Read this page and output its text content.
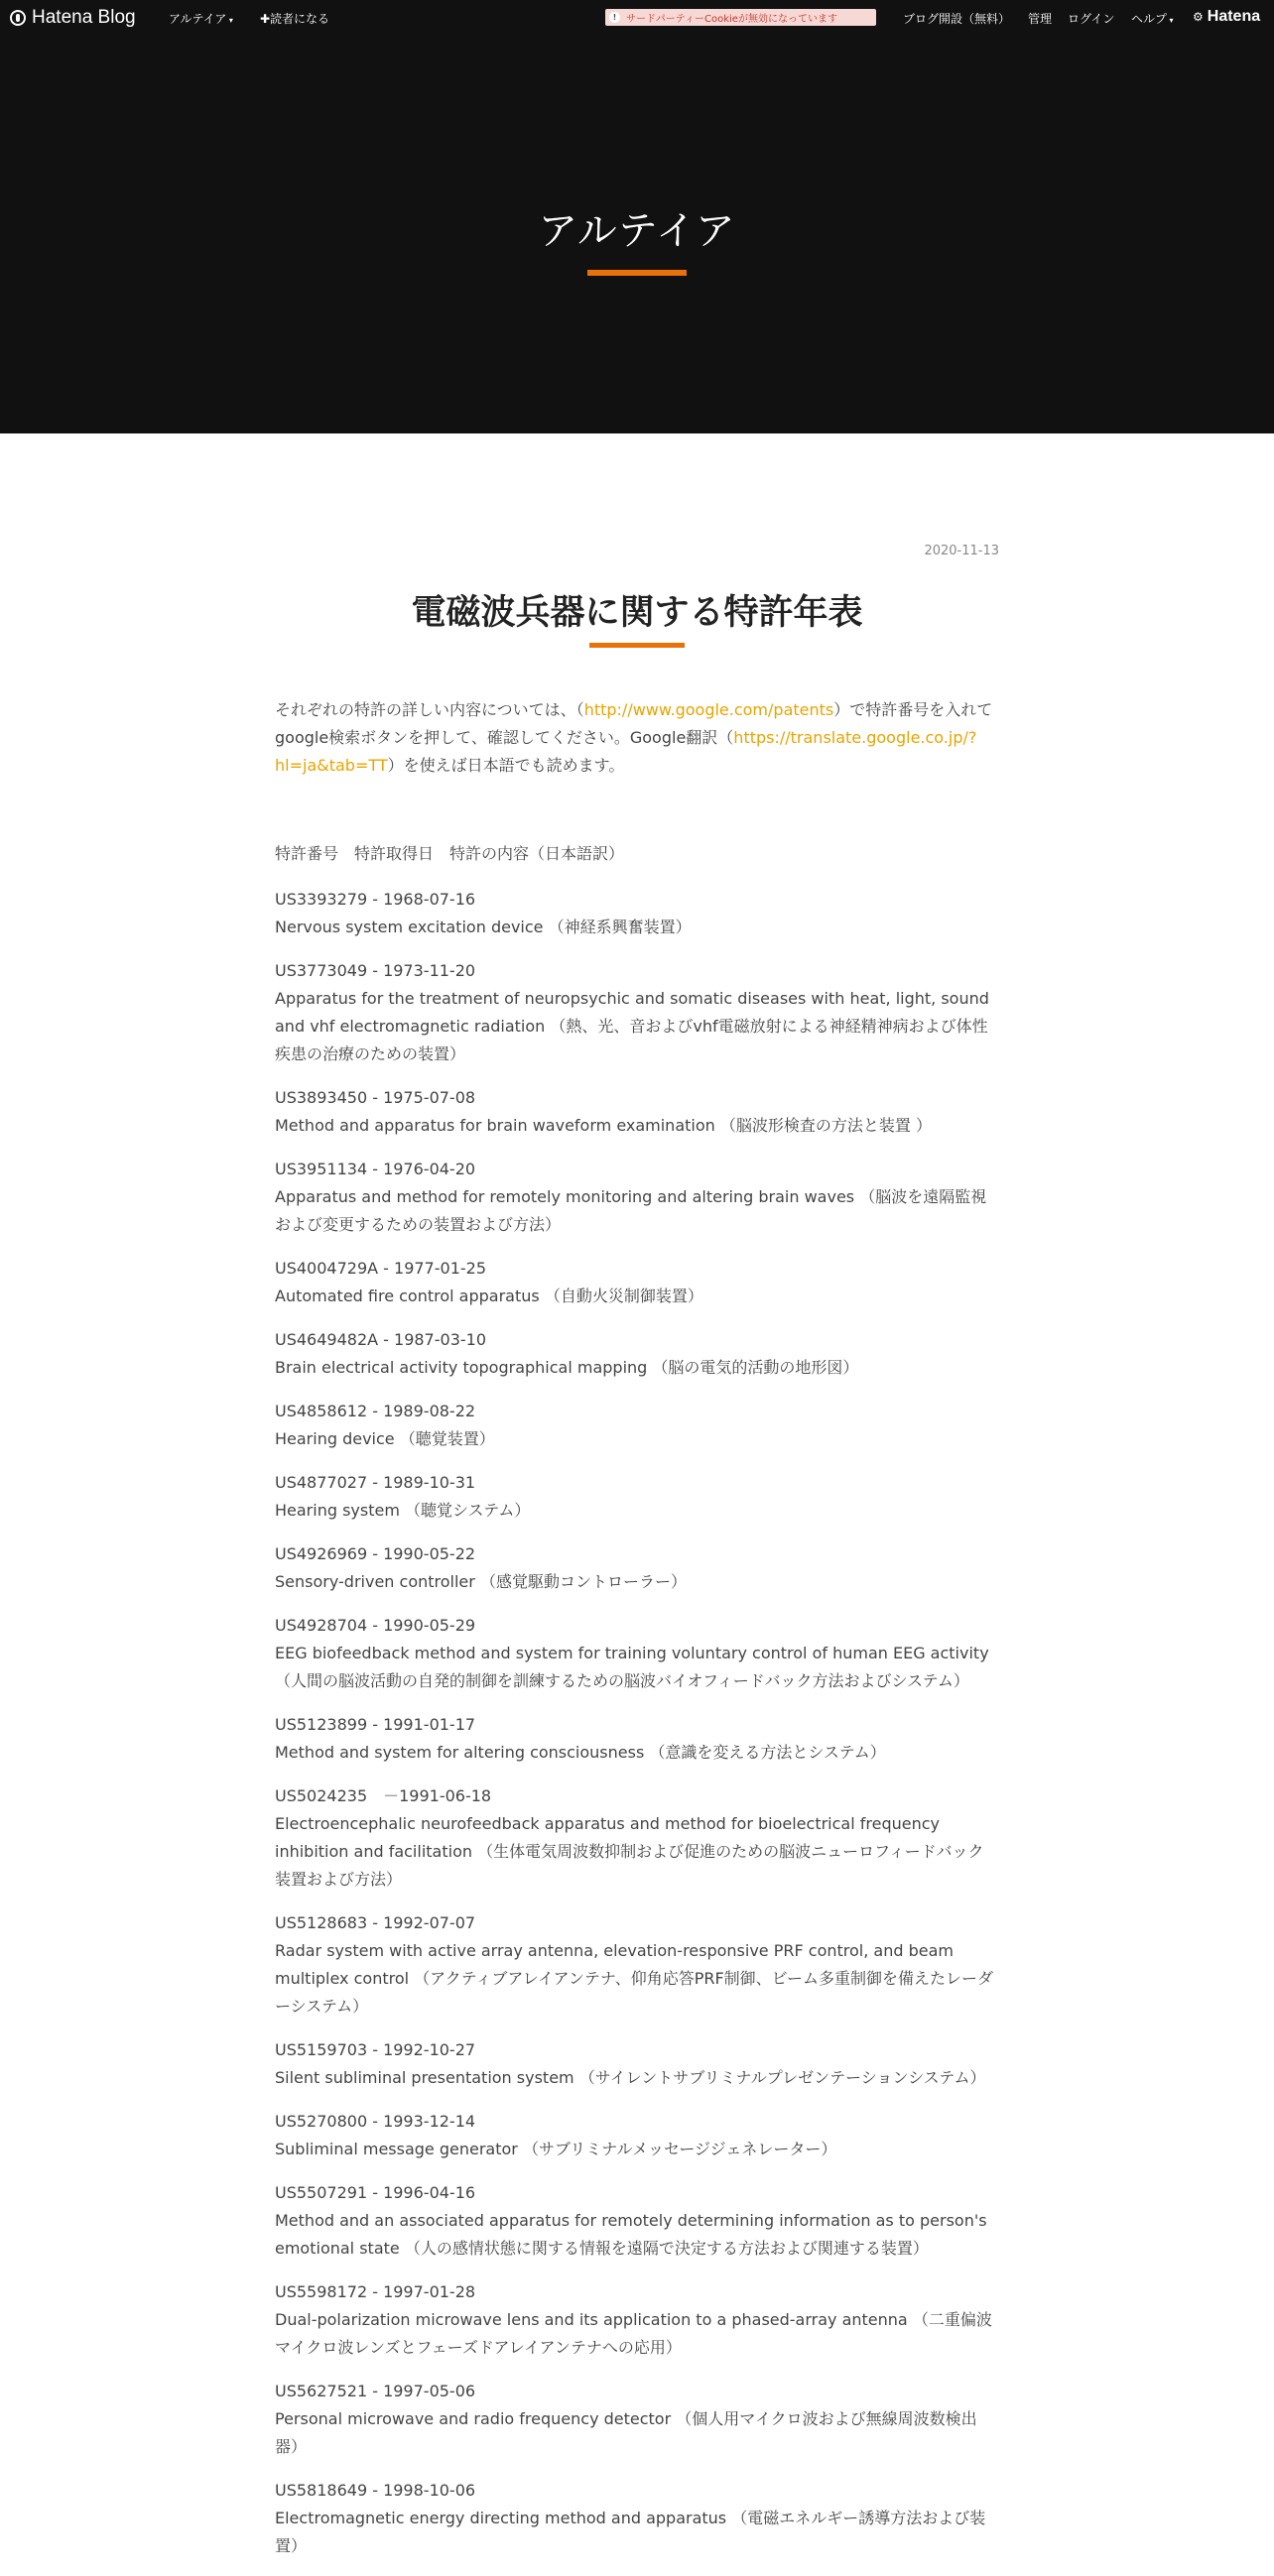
Hatena Blog	アルテイア ▾ ✚読者になる	! サードパーティーCookieが無効になっています	ブログ開設（無料） 管理 ログイン ヘルプ ▾ ⚙ Hatena
アルテイア
2020-11-13
電磁波兵器に関する特許年表

それぞれの特許の詳しい内容については、（http://www.google.com/patents）で特許番号を入れてgoogle検索ボタンを押して、確認してください。Google翻訳（https://translate.google.co.jp/?hl=ja&tab=TT）を使えば日本語でも読めます。

特許番号　特許取得日　特許の内容（日本語訳）
US3393279 - 1968-07-16
Nervous system excitation device （神経系興奮装置）
US3773049 - 1973-11-20
Apparatus for the treatment of neuropsychic and somatic diseases with heat, light, sound and vhf electromagnetic radiation （熱、光、音およびvhf電磁放射による神経精神病および体性疾患の治療のための装置）
US3893450 - 1975-07-08
Method and apparatus for brain waveform examination （脳波形検査の方法と装置 ）
US3951134 - 1976-04-20
Apparatus and method for remotely monitoring and altering brain waves （脳波を遠隔監視および変更するための装置および方法）
US4004729A - 1977-01-25
Automated fire control apparatus （自動火災制御装置）
US4649482A - 1987-03-10
Brain electrical activity topographical mapping （脳の電気的活動の地形図）
US4858612 - 1989-08-22
Hearing device （聴覚装置）
US4877027 - 1989-10-31
Hearing system （聴覚システム）
US4926969 - 1990-05-22
Sensory-driven controller （感覚駆動コントローラー）
US4928704 - 1990-05-29
EEG biofeedback method and system for training voluntary control of human EEG activity （人間の脳波活動の自発的制御を訓練するための脳波バイオフィードバック方法およびシステム）
US5123899 - 1991-01-17
Method and system for altering consciousness （意識を変える方法とシステム）
US5024235　－1991-06-18
Electroencephalic neurofeedback apparatus and method for bioelectrical frequency inhibition and facilitation （生体電気周波数抑制および促進のための脳波ニューロフィードバック装置および方法）
US5128683 - 1992-07-07
Radar system with active array antenna, elevation-responsive PRF control, and beam multiplex control （アクティブアレイアンテナ、仰角応答PRF制御、ビーム多重制御を備えたレーダーシステム）
US5159703 - 1992-10-27
Silent subliminal presentation system （サイレントサブリミナルプレゼンテーションシステム）
US5270800 - 1993-12-14
Subliminal message generator （サブリミナルメッセージジェネレーター）
US5507291 - 1996-04-16
Method and an associated apparatus for remotely determining information as to person's emotional state （人の感情状態に関する情報を遠隔で決定する方法および関連する装置）
US5598172 - 1997-01-28
Dual-polarization microwave lens and its application to a phased-array antenna （二重偏波マイクロ波レンズとフェーズドアレイアンテナへの応用）
US5627521 - 1997-05-06
Personal microwave and radio frequency detector （個人用マイクロ波および無線周波数検出器）
US5818649 - 1998-10-06
Electromagnetic energy directing method and apparatus （電磁エネルギー誘導方法および装置）
